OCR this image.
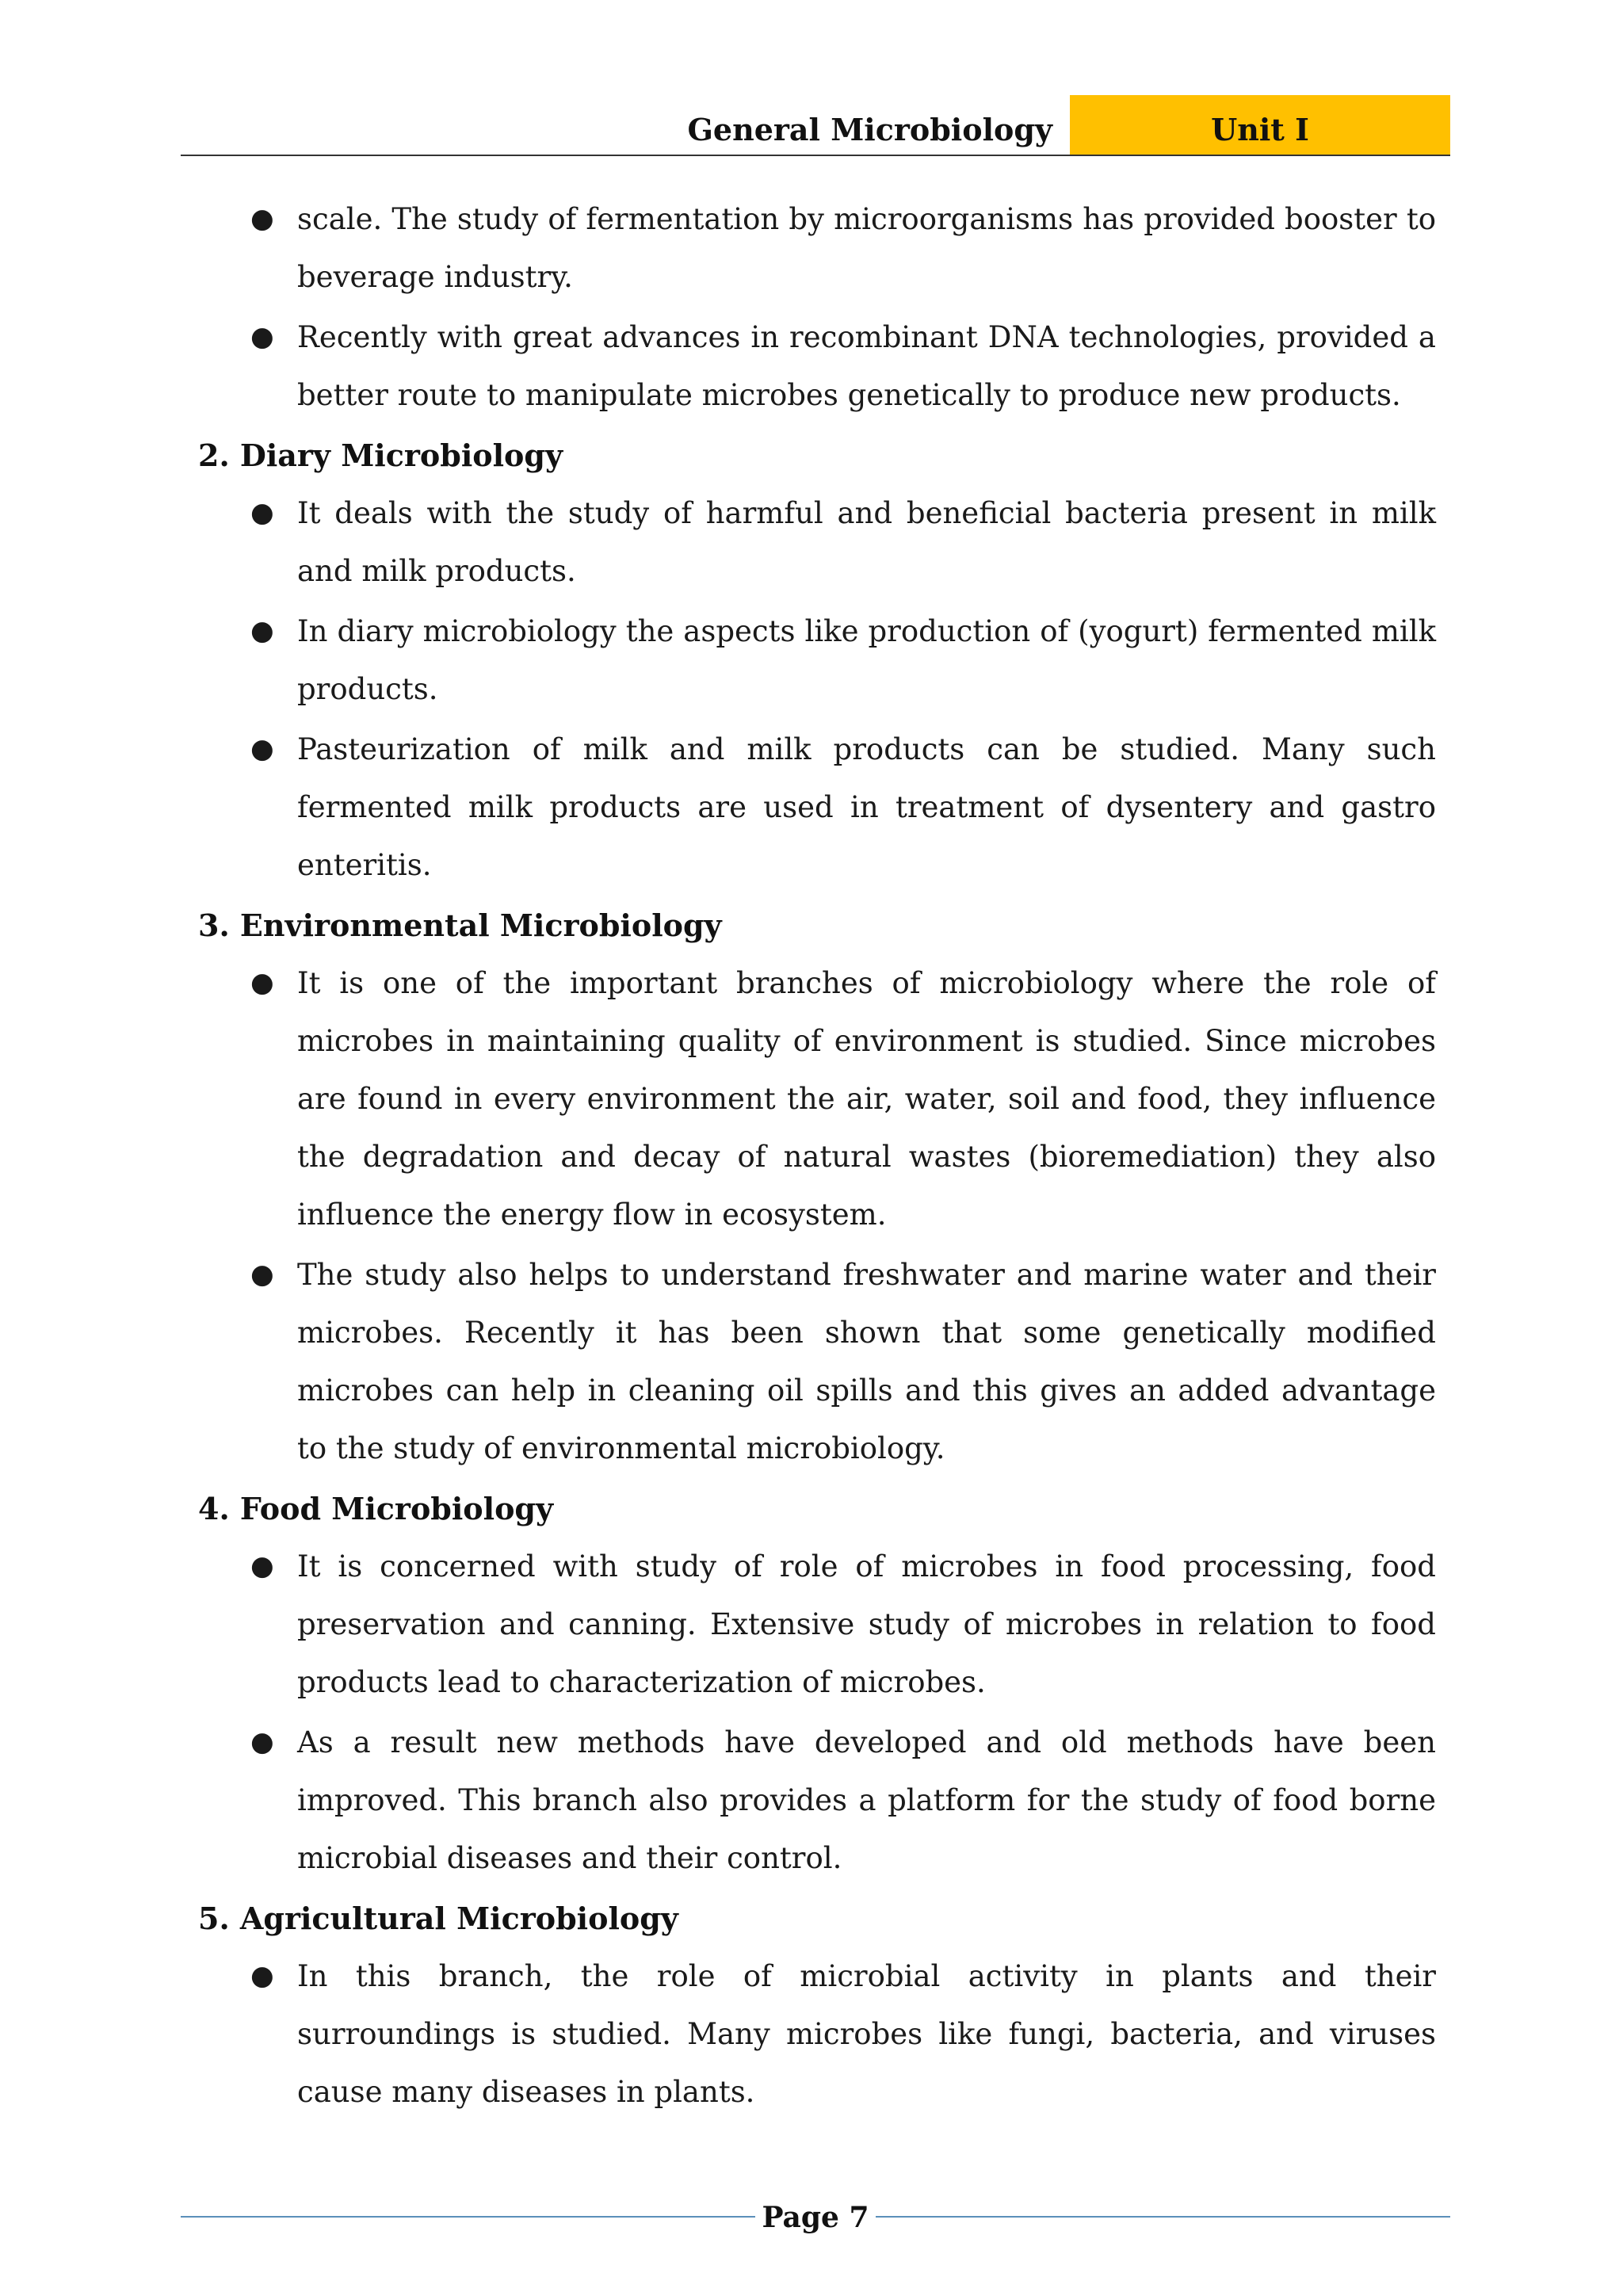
General Microbiology	Unit I
● scale. The study of fermentation by microorganisms has provided booster to beverage industry.
● Recently with great advances in recombinant DNA technologies, provided a better route to manipulate microbes genetically to produce new products.

2. Diary Microbiology

● It deals with the study of harmful and beneficial bacteria present in milk and milk products.
● In diary microbiology the aspects like production of (yogurt) fermented milk products.
● Pasteurization of milk and milk products can be studied. Many such fermented milk products are used in treatment of dysentery and gastro enteritis.

3. Environmental Microbiology

● It is one of the important branches of microbiology where the role of microbes in maintaining quality of environment is studied. Since microbes are found in every environment the air, water, soil and food, they influence the degradation and decay of natural wastes (bioremediation) they also influence the energy flow in ecosystem.
● The study also helps to understand freshwater and marine water and their microbes. Recently it has been shown that some genetically modified microbes can help in cleaning oil spills and this gives an added advantage to the study of environmental microbiology.

4. Food Microbiology

● It is concerned with study of role of microbes in food processing, food preservation and canning. Extensive study of microbes in relation to food products lead to characterization of microbes.
● As a result new methods have developed and old methods have been improved. This branch also provides a platform for the study of food borne microbial diseases and their control.

5. Agricultural Microbiology

● In this branch, the role of microbial activity in plants and their surroundings is studied. Many microbes like fungi, bacteria, and viruses cause many diseases in plants.
Page 7
